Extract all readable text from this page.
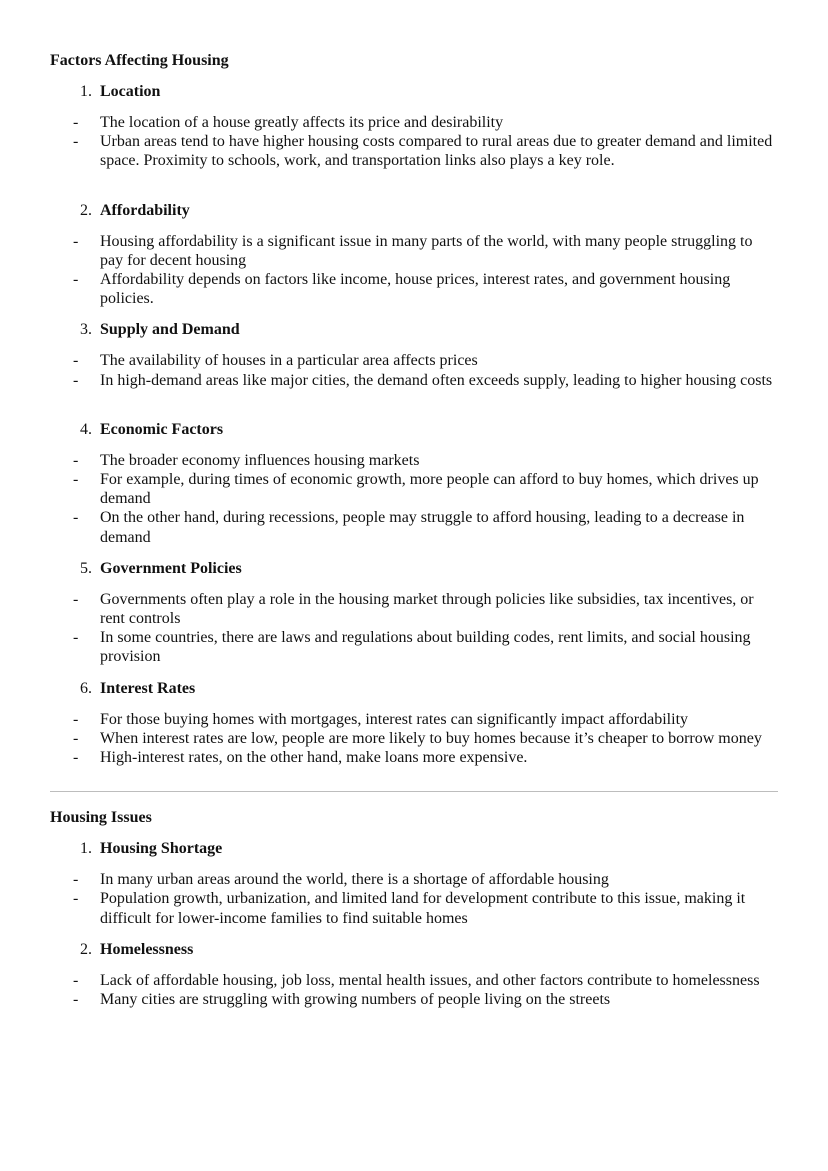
Factors Affecting Housing
1. Location
-	The location of a house greatly affects its price and desirability
-	Urban areas tend to have higher housing costs compared to rural areas due to greater demand and limited space. Proximity to schools, work, and transportation links also plays a key role.
2. Affordability
-	Housing affordability is a significant issue in many parts of the world, with many people struggling to pay for decent housing
-	Affordability depends on factors like income, house prices, interest rates, and government housing policies.
3. Supply and Demand
-	The availability of houses in a particular area affects prices
-	In high-demand areas like major cities, the demand often exceeds supply, leading to higher housing costs
4. Economic Factors
-	The broader economy influences housing markets
-	For example, during times of economic growth, more people can afford to buy homes, which drives up demand
-	On the other hand, during recessions, people may struggle to afford housing, leading to a decrease in demand
5. Government Policies
-	Governments often play a role in the housing market through policies like subsidies, tax incentives, or rent controls
-	In some countries, there are laws and regulations about building codes, rent limits, and social housing provision
6. Interest Rates
-	For those buying homes with mortgages, interest rates can significantly impact affordability
-	When interest rates are low, people are more likely to buy homes because it’s cheaper to borrow money
-	High-interest rates, on the other hand, make loans more expensive.
Housing Issues
1. Housing Shortage
-	In many urban areas around the world, there is a shortage of affordable housing
-	Population growth, urbanization, and limited land for development contribute to this issue, making it difficult for lower-income families to find suitable homes
2. Homelessness
-	Lack of affordable housing, job loss, mental health issues, and other factors contribute to homelessness
-	Many cities are struggling with growing numbers of people living on the streets
